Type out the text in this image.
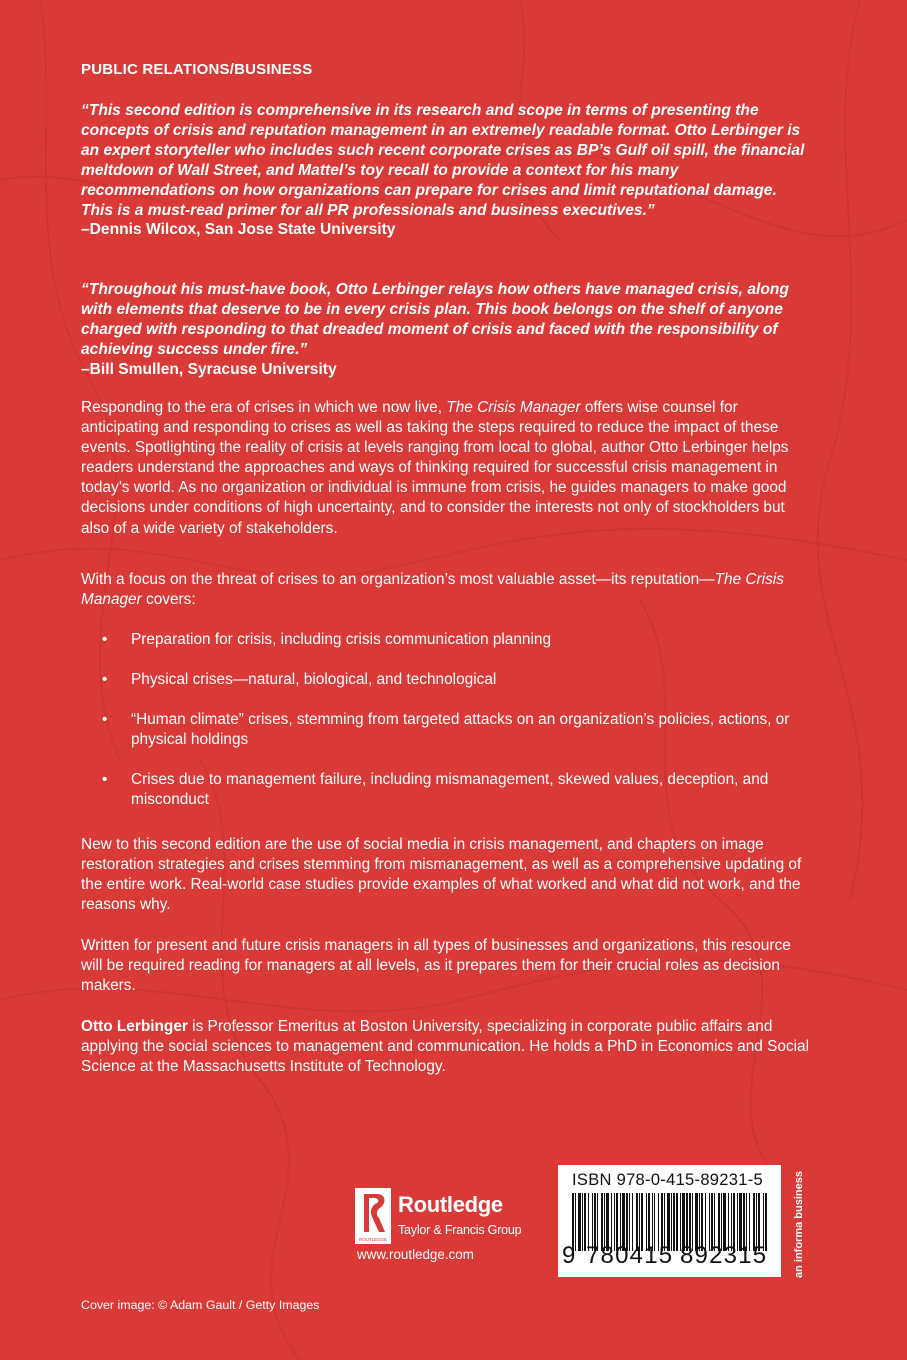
PUBLIC RELATIONS/BUSINESS
“This second edition is comprehensive in its research and scope in terms of presenting the concepts of crisis and reputation management in an extremely readable format. Otto Lerbinger is an expert storyteller who includes such recent corporate crises as BP’s Gulf oil spill, the financial meltdown of Wall Street, and Mattel’s toy recall to provide a context for his many recommendations on how organizations can prepare for crises and limit reputational damage. This is a must-read primer for all PR professionals and business executives.”
–Dennis Wilcox, San Jose State University
“Throughout his must-have book, Otto Lerbinger relays how others have managed crisis, along with elements that deserve to be in every crisis plan. This book belongs on the shelf of anyone charged with responding to that dreaded moment of crisis and faced with the responsibility of achieving success under fire.”
–Bill Smullen, Syracuse University
Responding to the era of crises in which we now live, The Crisis Manager offers wise counsel for anticipating and responding to crises as well as taking the steps required to reduce the impact of these events. Spotlighting the reality of crisis at levels ranging from local to global, author Otto Lerbinger helps readers understand the approaches and ways of thinking required for successful crisis management in today’s world. As no organization or individual is immune from crisis, he guides managers to make good decisions under conditions of high uncertainty, and to consider the interests not only of stockholders but also of a wide variety of stakeholders.
With a focus on the threat of crises to an organization’s most valuable asset—its reputation—The Crisis Manager covers:
• Preparation for crisis, including crisis communication planning
• Physical crises—natural, biological, and technological
• “Human climate” crises, stemming from targeted attacks on an organization’s policies, actions, or physical holdings
• Crises due to management failure, including mismanagement, skewed values, deception, and misconduct
New to this second edition are the use of social media in crisis management, and chapters on image restoration strategies and crises stemming from mismanagement, as well as a comprehensive updating of the entire work. Real-world case studies provide examples of what worked and what did not work, and the reasons why.
Written for present and future crisis managers in all types of businesses and organizations, this resource will be required reading for managers at all levels, as it prepares them for their crucial roles as decision makers.
Otto Lerbinger is Professor Emeritus at Boston University, specializing in corporate public affairs and applying the social sciences to management and communication. He holds a PhD in Economics and Social Science at the Massachusetts Institute of Technology.
ROUTLEDGE
Routledge
Taylor & Francis Group
www.routledge.com
ISBN 978-0-415-89231-5
9 780415 892315 an informa business
Cover image: © Adam Gault / Getty Images
